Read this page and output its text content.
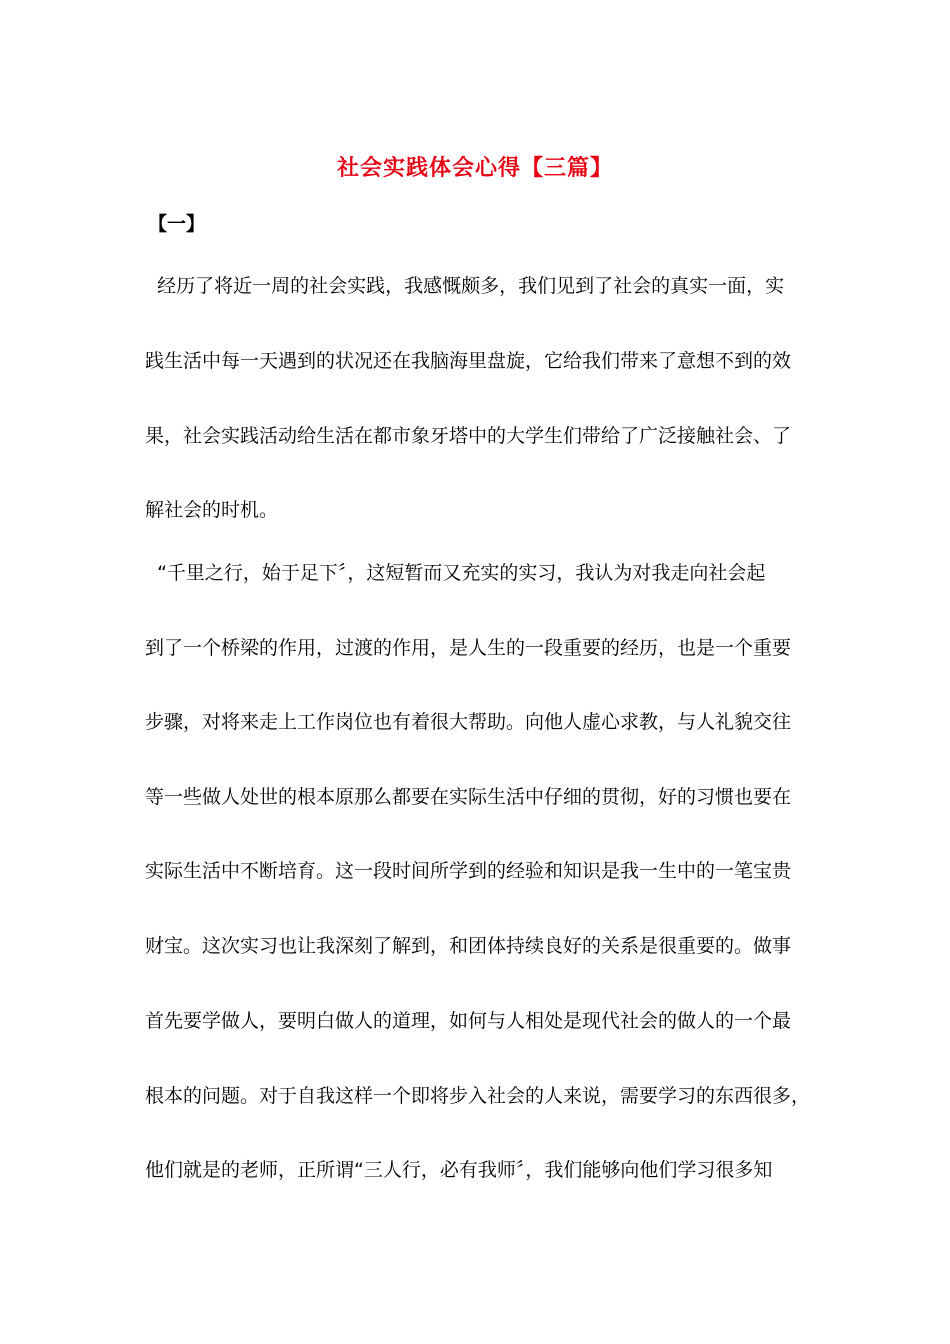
社会实践体会心得【三篇】
【一】
经历了将近一周的社会实践，我感慨颇多，我们见到了社会的真实一面，实
践生活中每一天遇到的状况还在我脑海里盘旋，它给我们带来了意想不到的效
果，社会实践活动给生活在都市象牙塔中的大学生们带给了广泛接触社会、了
解社会的时机。
“千里之行，始于足下〞，这短暂而又充实的实习，我认为对我走向社会起
到了一个桥梁的作用，过渡的作用，是人生的一段重要的经历，也是一个重要
步骤，对将来走上工作岗位也有着很大帮助。向他人虚心求教，与人礼貌交往
等一些做人处世的根本原那么都要在实际生活中仔细的贯彻，好的习惯也要在
实际生活中不断培育。这一段时间所学到的经验和知识是我一生中的一笔宝贵
财宝。这次实习也让我深刻了解到，和团体持续良好的关系是很重要的。做事
首先要学做人，要明白做人的道理，如何与人相处是现代社会的做人的一个最
根本的问题。对于自我这样一个即将步入社会的人来说，需要学习的东西很多，
他们就是的老师，正所谓“三人行，必有我师〞，我们能够向他们学习很多知
